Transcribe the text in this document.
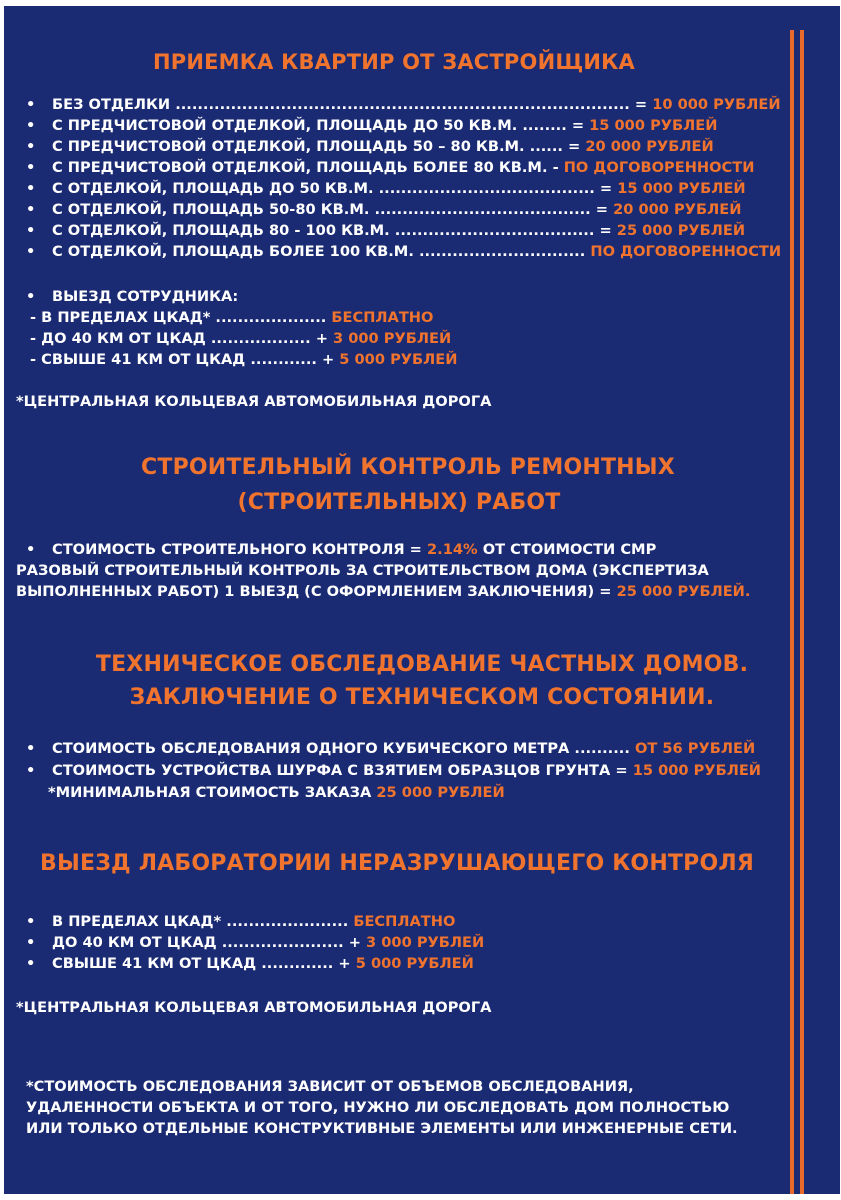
ПРИЕМКА КВАРТИР ОТ ЗАСТРОЙЩИКА
• БЕЗ ОТДЕЛКИ .................................................................................. = 10 000 РУБЛЕЙ
• С ПРЕДЧИСТОВОЙ ОТДЕЛКОЙ, ПЛОЩАДЬ ДО 50 КВ.М. ........ = 15 000 РУБЛЕЙ
• С ПРЕДЧИСТОВОЙ ОТДЕЛКОЙ, ПЛОЩАДЬ 50 – 80 КВ.М. ...... = 20 000 РУБЛЕЙ
• С ПРЕДЧИСТОВОЙ ОТДЕЛКОЙ, ПЛОЩАДЬ БОЛЕЕ 80 КВ.М. - ПО ДОГОВОРЕННОСТИ
• С ОТДЕЛКОЙ, ПЛОЩАДЬ ДО 50 КВ.М. ....................................... = 15 000 РУБЛЕЙ
• С ОТДЕЛКОЙ, ПЛОЩАДЬ 50-80 КВ.М. ....................................... = 20 000 РУБЛЕЙ
• С ОТДЕЛКОЙ, ПЛОЩАДЬ 80 - 100 КВ.М. .................................... = 25 000 РУБЛЕЙ
• С ОТДЕЛКОЙ, ПЛОЩАДЬ БОЛЕЕ 100 КВ.М. .............................. ПО ДОГОВОРЕННОСТИ
• ВЫЕЗД СОТРУДНИКА:
- В ПРЕДЕЛАХ ЦКАД* .................... БЕСПЛАТНО
- ДО 40 КМ ОТ ЦКАД .................. + 3 000 РУБЛЕЙ
- СВЫШЕ 41 КМ ОТ ЦКАД ............ + 5 000 РУБЛЕЙ
*ЦЕНТРАЛЬНАЯ КОЛЬЦЕВАЯ АВТОМОБИЛЬНАЯ ДОРОГА
СТРОИТЕЛЬНЫЙ КОНТРОЛЬ РЕМОНТНЫХ
(СТРОИТЕЛЬНЫХ) РАБОТ
• СТОИМОСТЬ СТРОИТЕЛЬНОГО КОНТРОЛЯ = 2.14% ОТ СТОИМОСТИ СМР
РАЗОВЫЙ СТРОИТЕЛЬНЫЙ КОНТРОЛЬ ЗА СТРОИТЕЛЬСТВОМ ДОМА (ЭКСПЕРТИЗА
ВЫПОЛНЕННЫХ РАБОТ) 1 ВЫЕЗД (С ОФОРМЛЕНИЕМ ЗАКЛЮЧЕНИЯ) = 25 000 РУБЛЕЙ.
ТЕХНИЧЕСКОЕ ОБСЛЕДОВАНИЕ ЧАСТНЫХ ДОМОВ.
ЗАКЛЮЧЕНИЕ О ТЕХНИЧЕСКОМ СОСТОЯНИИ.
• СТОИМОСТЬ ОБСЛЕДОВАНИЯ ОДНОГО КУБИЧЕСКОГО МЕТРА .......... ОТ 56 РУБЛЕЙ
• СТОИМОСТЬ УСТРОЙСТВА ШУРФА С ВЗЯТИЕМ ОБРАЗЦОВ ГРУНТА = 15 000 РУБЛЕЙ
*МИНИМАЛЬНАЯ СТОИМОСТЬ ЗАКАЗА 25 000 РУБЛЕЙ
ВЫЕЗД ЛАБОРАТОРИИ НЕРАЗРУШАЮЩЕГО КОНТРОЛЯ
• В ПРЕДЕЛАХ ЦКАД* ...................... БЕСПЛАТНО
• ДО 40 КМ ОТ ЦКАД ...................... + 3 000 РУБЛЕЙ
• СВЫШЕ 41 КМ ОТ ЦКАД ............. + 5 000 РУБЛЕЙ
*ЦЕНТРАЛЬНАЯ КОЛЬЦЕВАЯ АВТОМОБИЛЬНАЯ ДОРОГА
*СТОИМОСТЬ ОБСЛЕДОВАНИЯ ЗАВИСИТ ОТ ОБЪЕМОВ ОБСЛЕДОВАНИЯ,
УДАЛЕННОСТИ ОБЪЕКТА И ОТ ТОГО, НУЖНО ЛИ ОБСЛЕДОВАТЬ ДОМ ПОЛНОСТЬЮ
ИЛИ ТОЛЬКО ОТДЕЛЬНЫЕ КОНСТРУКТИВНЫЕ ЭЛЕМЕНТЫ ИЛИ ИНЖЕНЕРНЫЕ СЕТИ.
